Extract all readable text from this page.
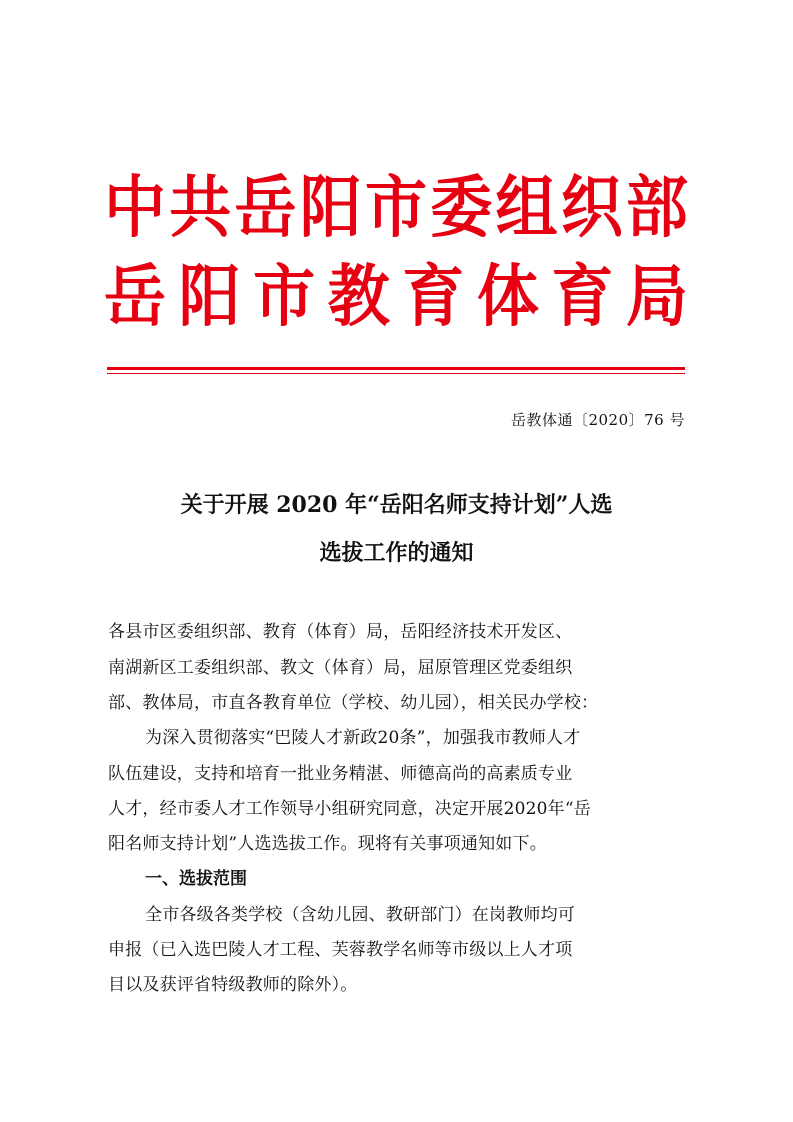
中共岳阳市委组织部
岳阳市教育体育局
岳教体通〔2020〕76 号
关于开展 2020 年“岳阳名师支持计划”人选
选拔工作的通知
各县市区委组织部、教育（体育）局，岳阳经济技术开发区、
南湖新区工委组织部、教文（体育）局，屈原管理区党委组织
部、教体局，市直各教育单位（学校、幼儿园），相关民办学校：
为深入贯彻落实“巴陵人才新政20条”，加强我市教师人才
队伍建设，支持和培育一批业务精湛、师德高尚的高素质专业
人才，经市委人才工作领导小组研究同意，决定开展2020年“岳
阳名师支持计划”人选选拔工作。现将有关事项通知如下。
一、选拔范围
全市各级各类学校（含幼儿园、教研部门）在岗教师均可
申报（已入选巴陵人才工程、芙蓉教学名师等市级以上人才项
目以及获评省特级教师的除外）。
